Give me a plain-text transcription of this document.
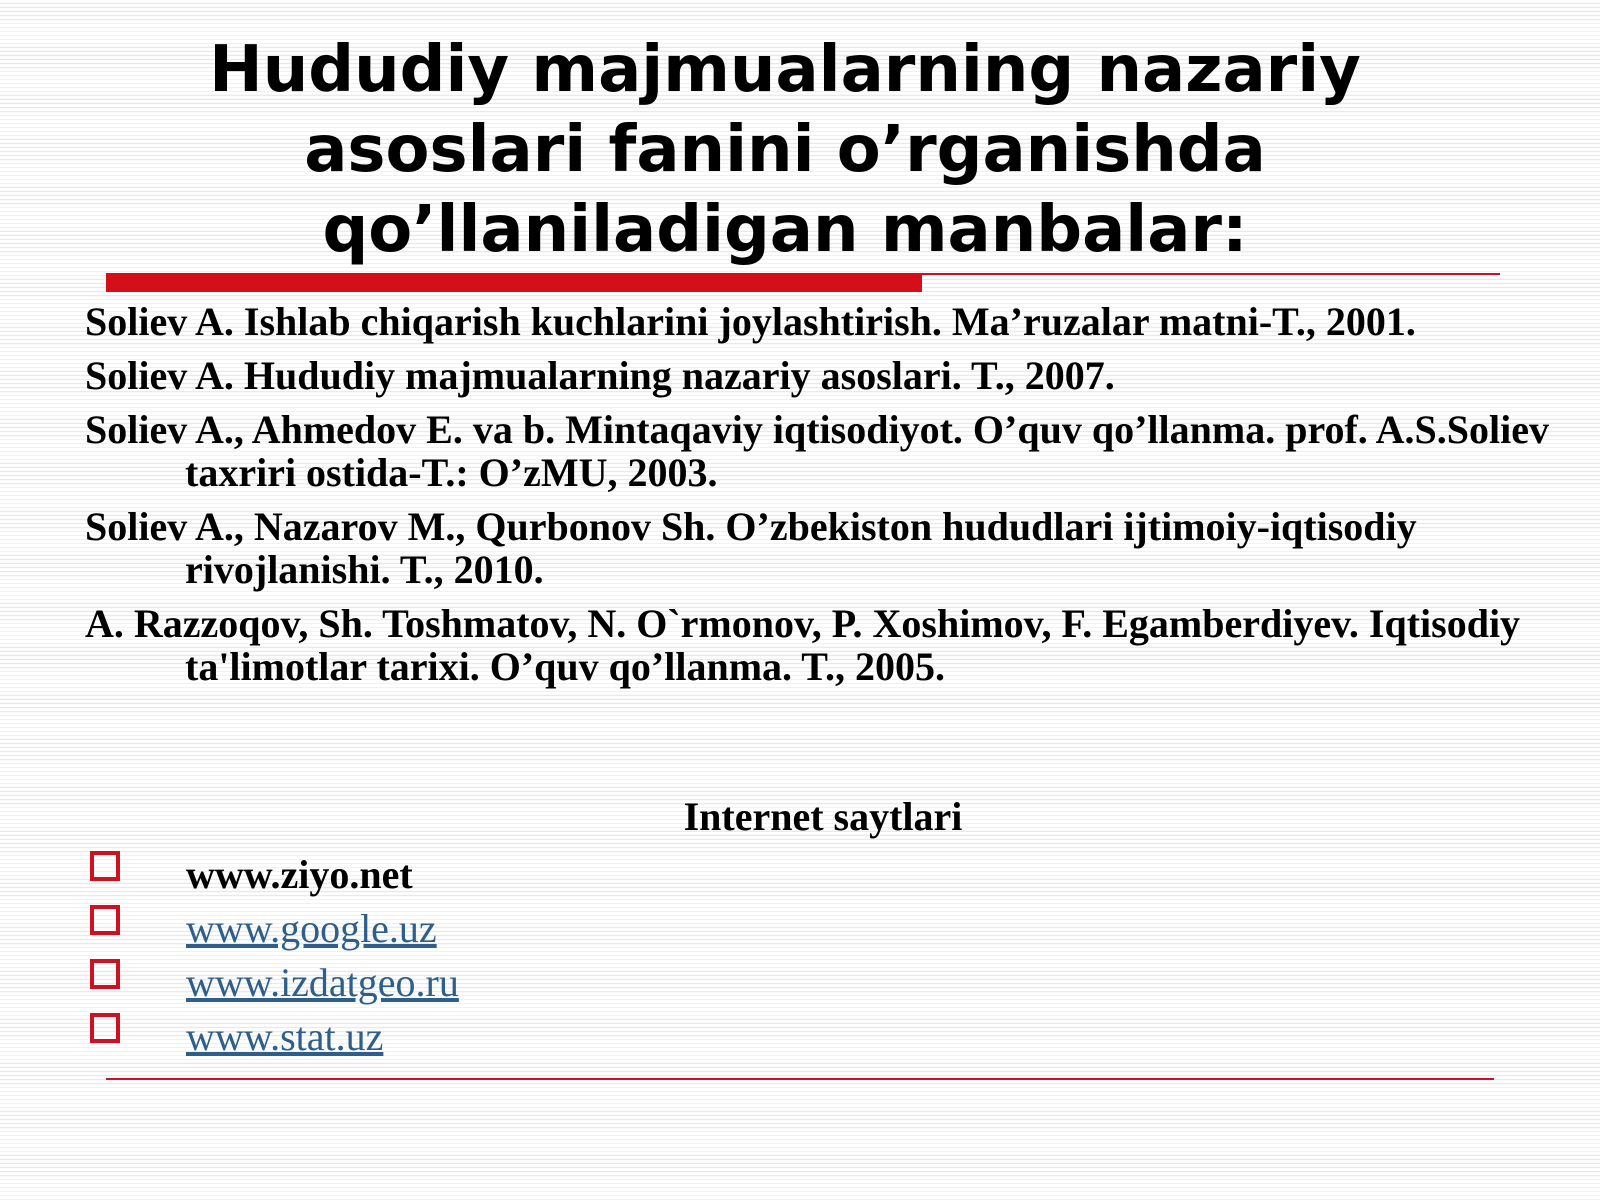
Hududiy majmualarning nazariy asoslari fanini o’rganishda qo’llaniladigan manbalar:
Soliev A. Ishlab chiqarish kuchlarini joylashtirish. Ma’ruzalar matni-T., 2001.
Soliev A. Hududiy majmualarning nazariy asoslari. T., 2007.
Soliev A., Ahmedov E. va b. Mintaqaviy iqtisodiyot. O’quv qo’llanma. prof. A.S.Soliev taxriri ostida-T.: O’zMU, 2003.
Soliev A., Nazarov M., Qurbonov Sh. O’zbekiston hududlari ijtimoiy-iqtisodiy rivojlanishi. T., 2010.
A. Razzoqov, Sh. Toshmatov, N. O`rmonov, P. Xoshimov, F. Egamberdiyev. Iqtisodiy ta'limotlar tarixi. O’quv qo’llanma. T., 2005.
Internet saytlari
www.ziyo.net
www.google.uz
www.izdatgeo.ru
www.stat.uz
